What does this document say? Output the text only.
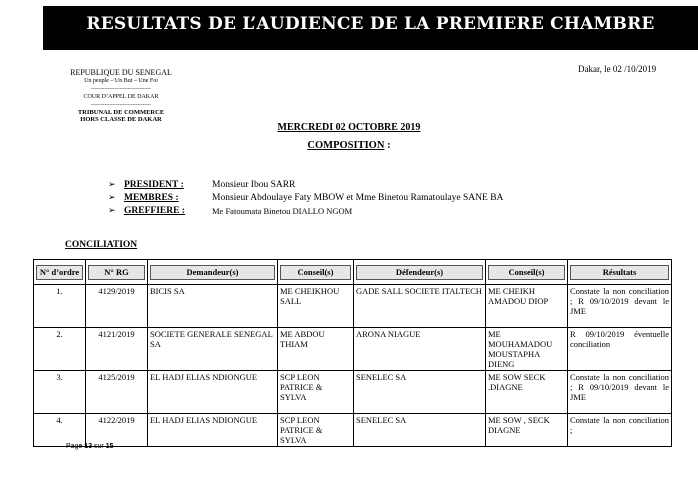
RESULTATS DE L’AUDIENCE DE LA PREMIERE CHAMBRE
REPUBLIQUE DU SENEGAL
Un peuple – Un But – Une Foi
------------------------------------
COUR D’APPEL DE DAKAR
------------------------------------
TRIBUNAL DE COMMERCE
HORS CLASSE DE DAKAR
Dakar, le 02 /10/2019
MERCREDI 02 OCTOBRE 2019
COMPOSITION :
➢ PRESIDENT :	Monsieur Ibou SARR
➢ MEMBRES :	Monsieur Abdoulaye Faty MBOW et Mme Binetou Ramatoulaye SANE BA
➢ GREFFIERE :	Me Fatoumata Binetou DIALLO NGOM
CONCILIATION
N° d’ordre	N° RG	Demandeur(s)	Conseil(s)	Défendeur(s)	Conseil(s)	Résultats

1.	4129/2019	BICIS SA	ME CHEIKHOU SALL	GADE SALL SOCIETE ITALTECH	ME CHEIKH AMADOU DIOP	Constate la non conciliation ; R 09/10/2019 devant le JME
2.	4121/2019	SOCIETE GENERALE SENEGAL SA	ME ABDOU THIAM	ARONA NIAGUE	ME MOUHAMADOU MOUSTAPHA DIENG	R 09/10/2019 éventuelle conciliation
3.	4125/2019	EL HADJ ELIAS NDIONGUE	SCP LEON PATRICE & SYLVA	SENELEC SA	ME SOW SECK .DIAGNE	Constate la non conciliation ; R 09/10/2019 devant le JME
4.	4122/2019	EL HADJ ELIAS NDIONGUE	SCP LEON PATRICE & SYLVA	SENELEC SA	ME SOW , SECK DIAGNE	Constate la non conciliation ;
Page 13 sur 15
